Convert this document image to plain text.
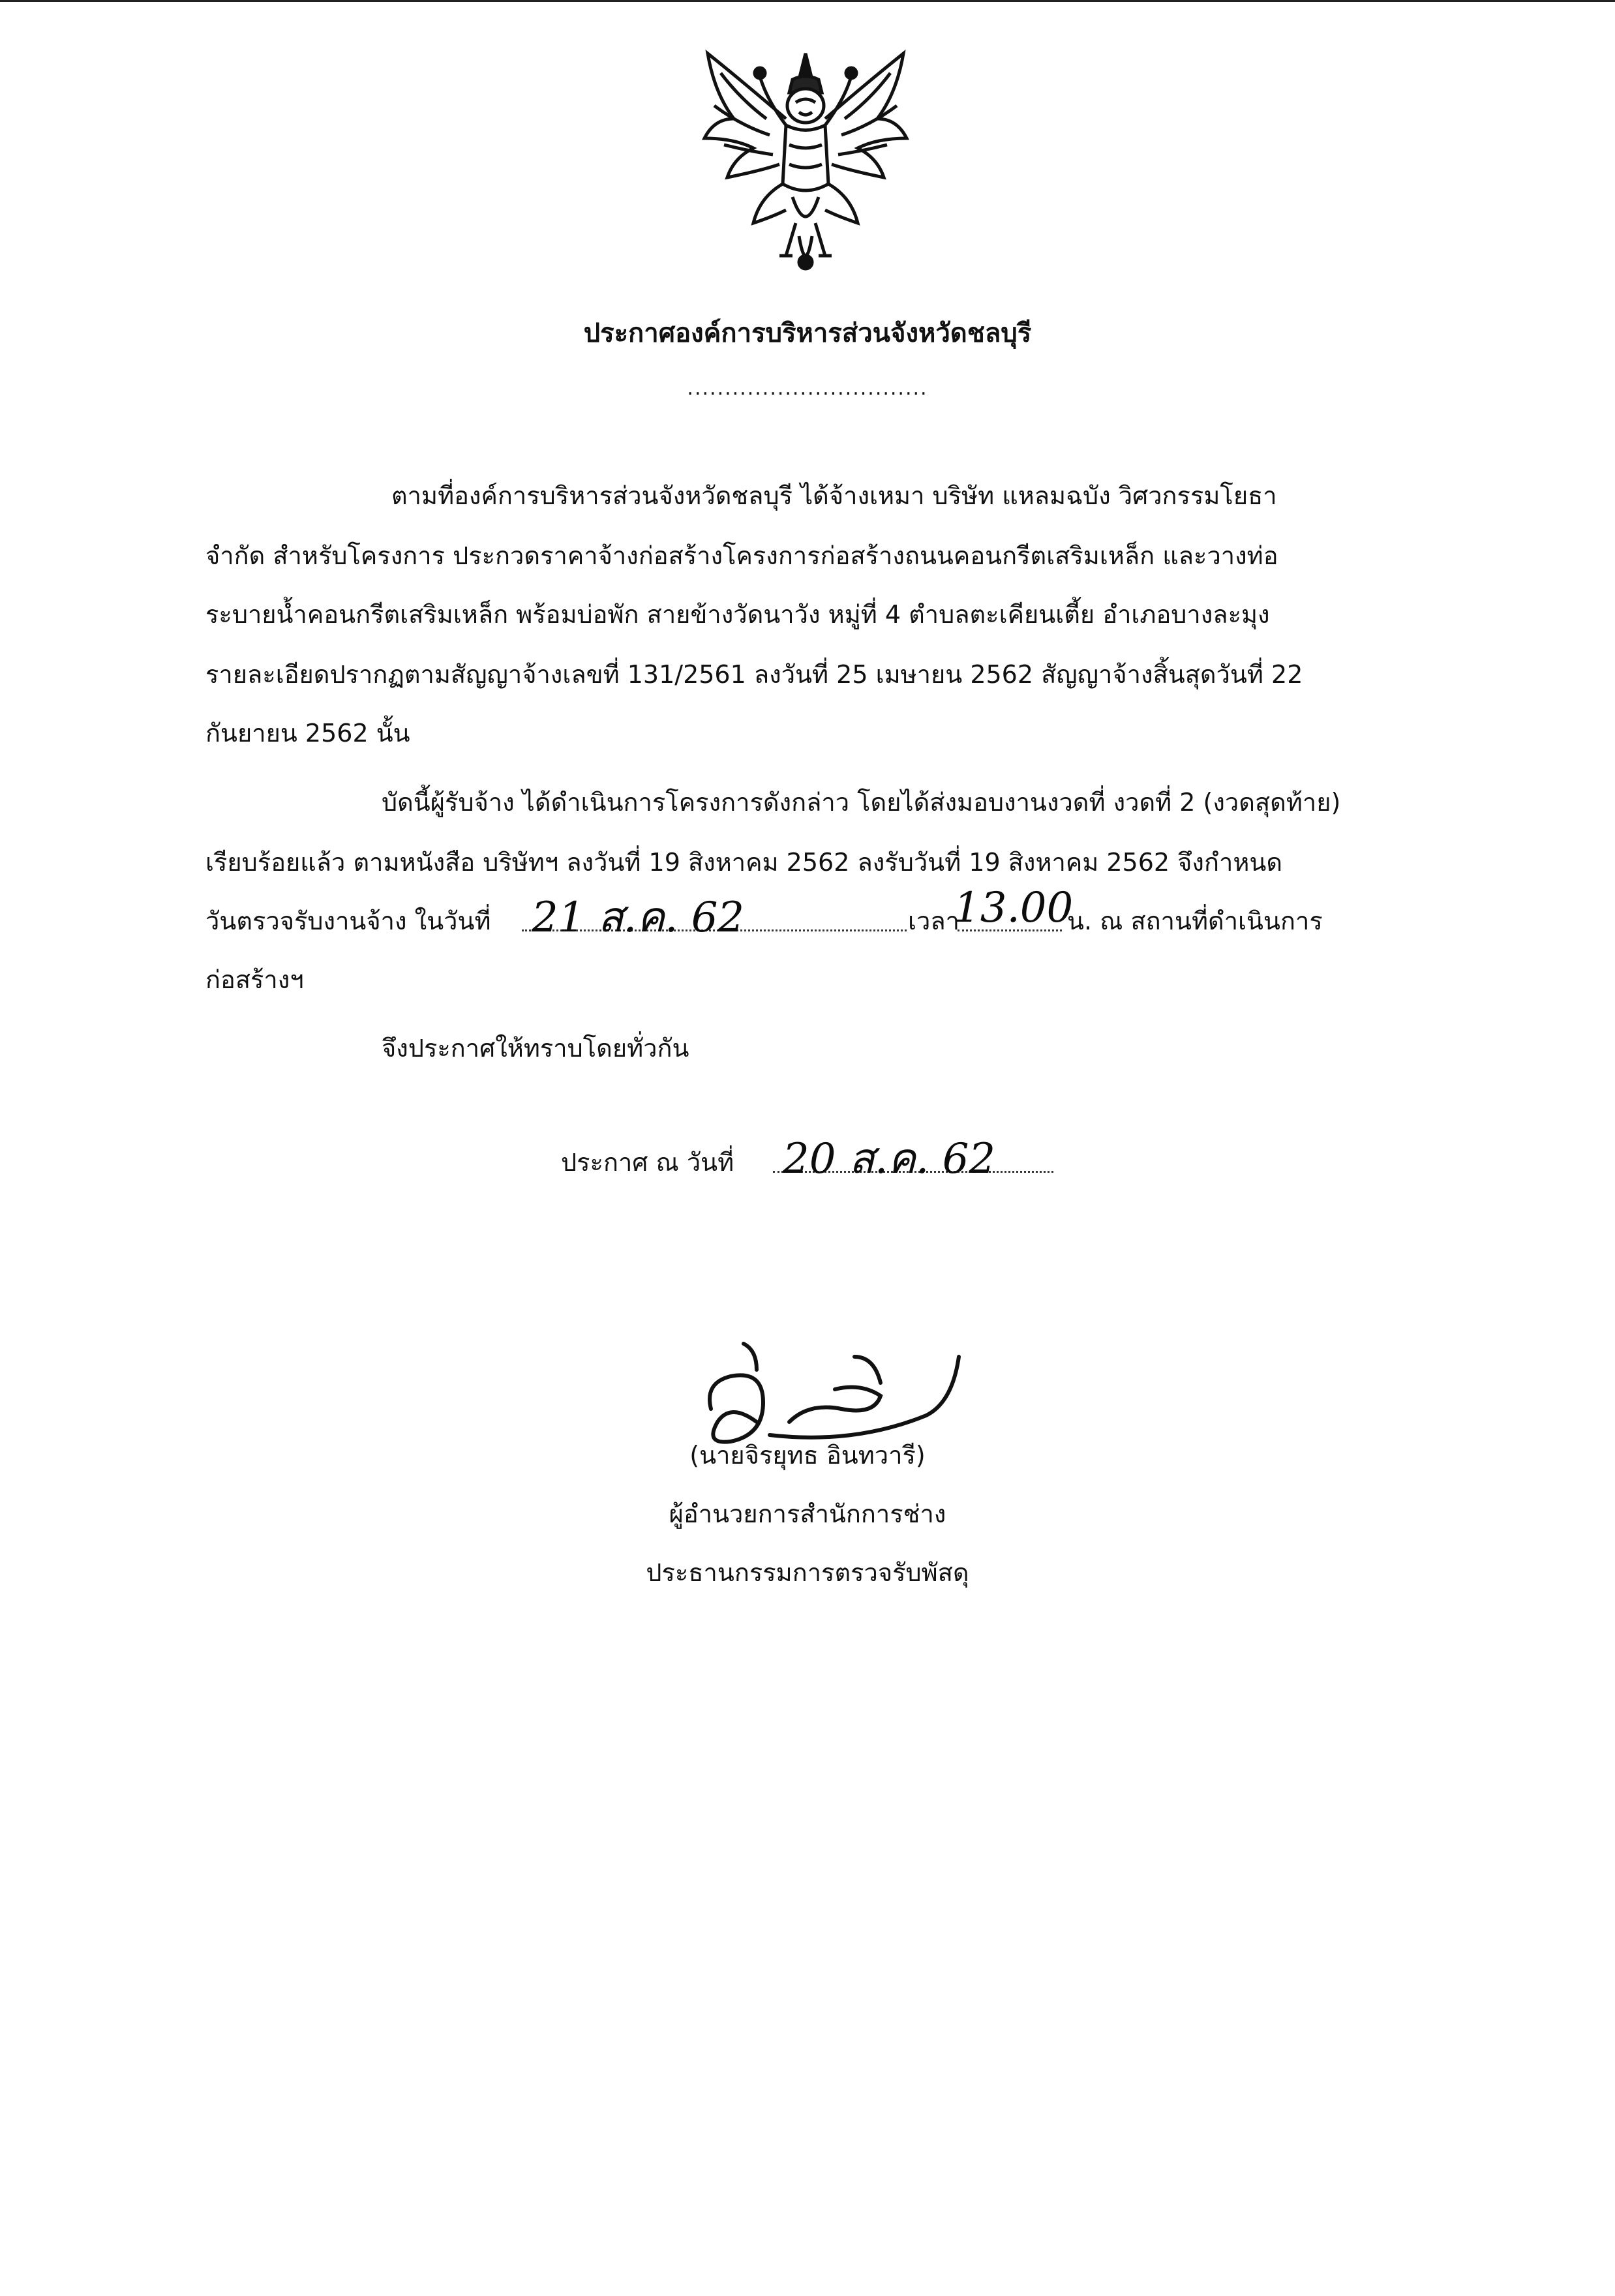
ประกาศองค์การบริหารส่วนจังหวัดชลบุรี
................................
ตามที่องค์การบริหารส่วนจังหวัดชลบุรี ได้จ้างเหมา บริษัท แหลมฉบัง วิศวกรรมโยธา
จำกัด สำหรับโครงการ ประกวดราคาจ้างก่อสร้างโครงการก่อสร้างถนนคอนกรีตเสริมเหล็ก และวางท่อ
ระบายน้ำคอนกรีตเสริมเหล็ก พร้อมบ่อพัก สายข้างวัดนาวัง หมู่ที่ 4 ตำบลตะเคียนเตี้ย อำเภอบางละมุง
รายละเอียดปรากฏตามสัญญาจ้างเลขที่ 131/2561 ลงวันที่ 25 เมษายน 2562 สัญญาจ้างสิ้นสุดวันที่ 22
กันยายน 2562 นั้น
บัดนี้ผู้รับจ้าง ได้ดำเนินการโครงการดังกล่าว โดยได้ส่งมอบงานงวดที่ งวดที่ 2 (งวดสุดท้าย)
เรียบร้อยแล้ว ตามหนังสือ บริษัทฯ ลงวันที่ 19 สิงหาคม 2562 ลงรับวันที่ 19 สิงหาคม 2562 จึงกำหนด
วันตรวจรับงานจ้าง ในวันที่ 21 ส.ค. 62	เวลา
13.00
น. ณ สถานที่ดำเนินการ
ก่อสร้างฯ
จึงประกาศให้ทราบโดยทั่วกัน
ประกาศ ณ วันที่ 20 ส.ค. 62
(นายจิรยุทธ อินทวารี)
ผู้อำนวยการสำนักการช่าง
ประธานกรรมการตรวจรับพัสดุ
